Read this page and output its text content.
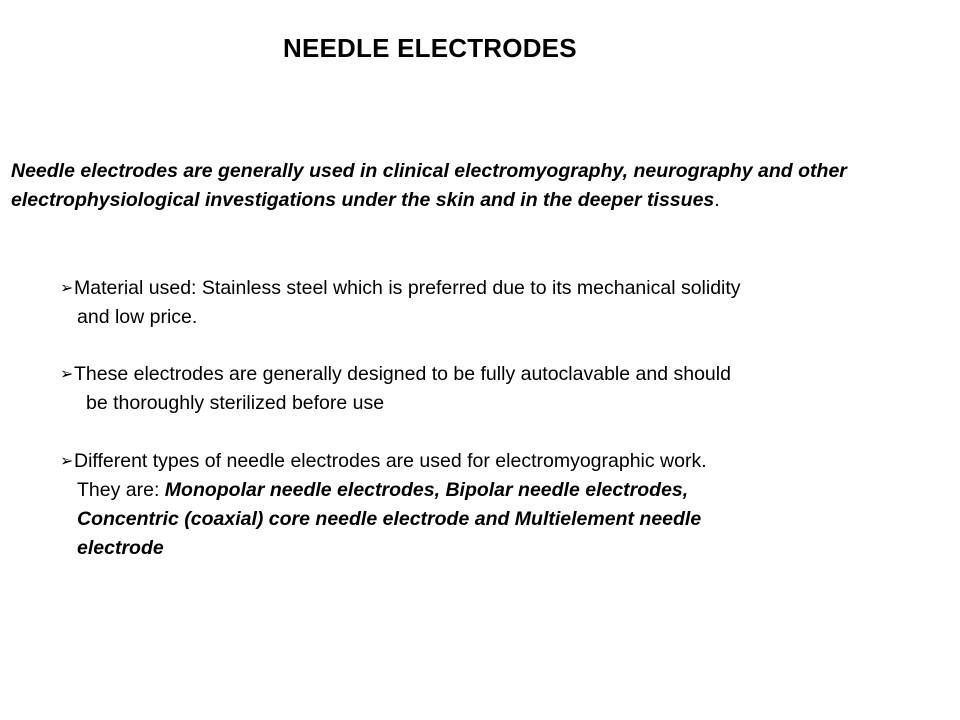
NEEDLE ELECTRODES
Needle electrodes are generally used in clinical electromyography, neurography and other electrophysiological investigations under the skin and in the deeper tissues.
➢Material used: Stainless steel which is preferred due to its mechanical solidity
and low price.
➢These electrodes are generally designed to be fully autoclavable and should
be thoroughly sterilized before use
➢Different types of needle electrodes are used for electromyographic work.
They are: Monopolar needle electrodes, Bipolar needle electrodes,
Concentric (coaxial) core needle electrode and Multielement needle
electrode
